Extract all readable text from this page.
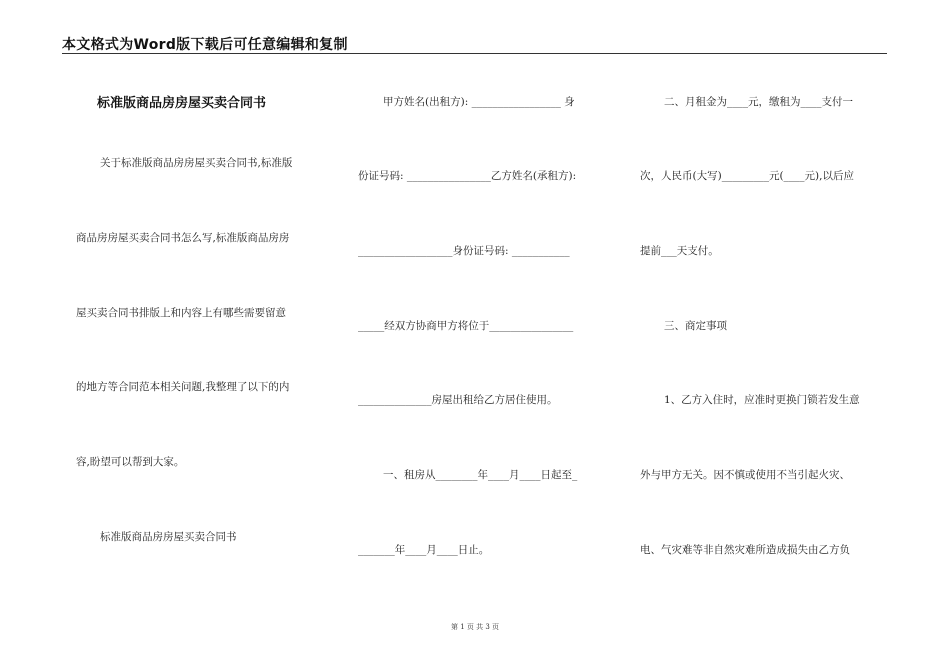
本文格式为Word版下载后可任意编辑和复制
标准版商品房房屋买卖合同书
关于标准版商品房房屋买卖合同书,标准版
商品房房屋买卖合同书怎么写,标准版商品房房
屋买卖合同书排版上和内容上有哪些需要留意
的地方等合同范本相关问题,我整理了以下的内
容,盼望可以帮到大家。
标准版商品房房屋买卖合同书
甲方姓名(出租方): _________________ 身
份证号码: ________________乙方姓名(承租方):
__________________身份证号码: ___________
_____经双方协商甲方将位于________________
______________房屋出租给乙方居住使用。
一、租房从________年____月____日起至_
_______年____月____日止。
二、月租金为____元，缴租为____支付一
次，人民币(大写)_________元(____元),以后应
提前___天支付。
三、商定事项
1、乙方入住时，应准时更换门锁若发生意
外与甲方无关。因不慎或使用不当引起火灾、
电、气灾难等非自然灾难所造成损失由乙方负
第 1 页 共 3 页
